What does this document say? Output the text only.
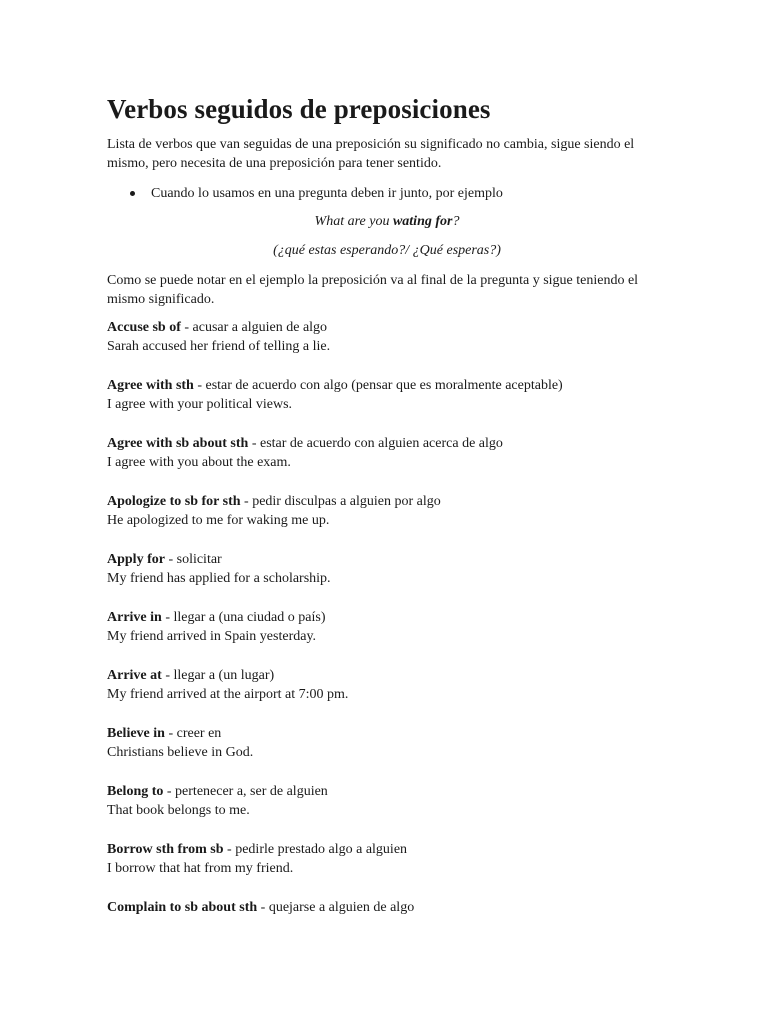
Verbos seguidos de preposiciones

Lista de verbos que van seguidas de una preposición su significado no cambia, sigue siendo el mismo, pero necesita de una preposición para tener sentido.

Cuando lo usamos en una pregunta deben ir junto, por ejemplo

What are you wating for?

(¿qué estas esperando?/ ¿Qué esperas?)

Como se puede notar en el ejemplo la preposición va al final de la pregunta y sigue teniendo el mismo significado.

Accuse sb of - acusar a alguien de algo

Sarah accused her friend of telling a lie.

Agree with sth - estar de acuerdo con algo (pensar que es moralmente aceptable)

I agree with your political views.

Agree with sb about sth - estar de acuerdo con alguien acerca de algo

I agree with you about the exam.

Apologize to sb for sth - pedir disculpas a alguien por algo

He apologized to me for waking me up.

Apply for - solicitar

My friend has applied for a scholarship.

Arrive in - llegar a (una ciudad o país)

My friend arrived in Spain yesterday.

Arrive at - llegar a (un lugar)

My friend arrived at the airport at 7:00 pm.

Believe in - creer en

Christians believe in God.

Belong to - pertenecer a, ser de alguien

That book belongs to me.

Borrow sth from sb - pedirle prestado algo a alguien

I borrow that hat from my friend.

Complain to sb about sth - quejarse a alguien de algo
